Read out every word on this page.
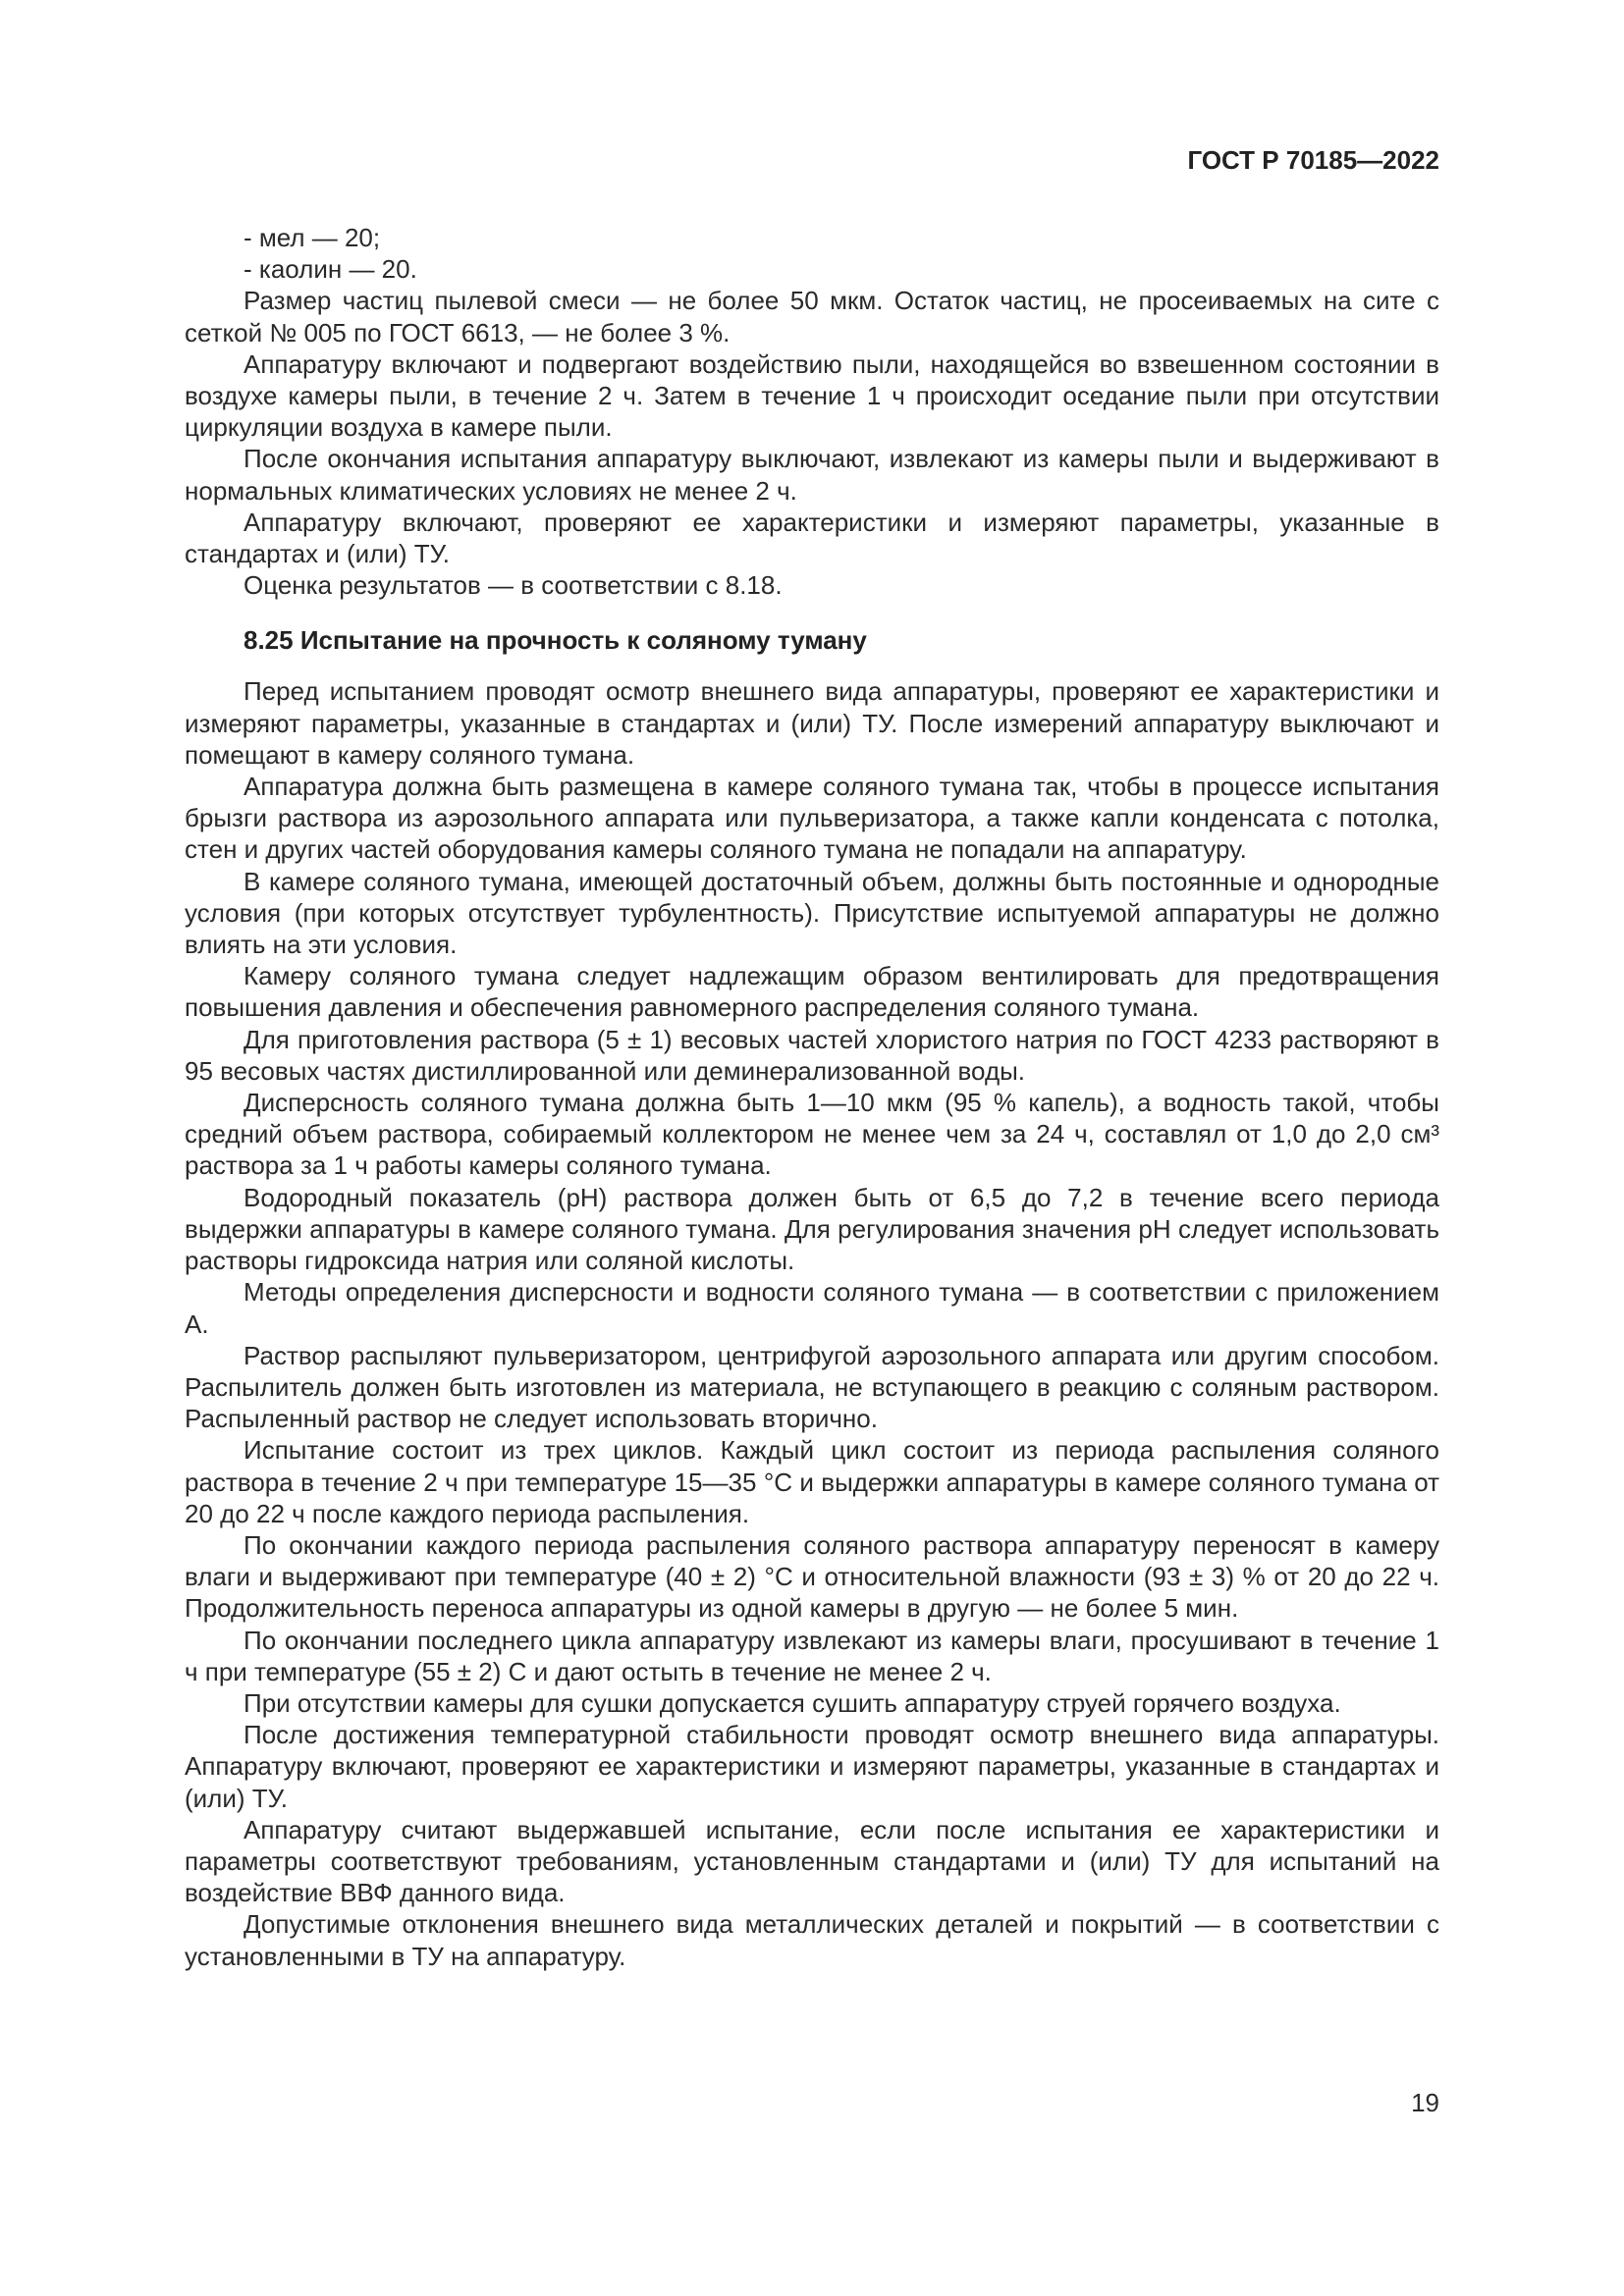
ГОСТ Р 70185—2022

- мел — 20;

- каолин — 20.

Размер частиц пылевой смеси — не более 50 мкм. Остаток частиц, не просеиваемых на сите с сеткой № 005 по ГОСТ 6613, — не более 3 %.

Аппаратуру включают и подвергают воздействию пыли, находящейся во взвешенном состоянии в воздухе камеры пыли, в течение 2 ч. Затем в течение 1 ч происходит оседание пыли при отсутствии циркуляции воздуха в камере пыли.

После окончания испытания аппаратуру выключают, извлекают из камеры пыли и выдерживают в нормальных климатических условиях не менее 2 ч.

Аппаратуру включают, проверяют ее характеристики и измеряют параметры, указанные в стандартах и (или) ТУ.

Оценка результатов — в соответствии с 8.18.

8.25 Испытание на прочность к соляному туману

Перед испытанием проводят осмотр внешнего вида аппаратуры, проверяют ее характеристики и измеряют параметры, указанные в стандартах и (или) ТУ. После измерений аппаратуру выключают и помещают в камеру соляного тумана.

Аппаратура должна быть размещена в камере соляного тумана так, чтобы в процессе испытания брызги раствора из аэрозольного аппарата или пульверизатора, а также капли конденсата с потолка, стен и других частей оборудования камеры соляного тумана не попадали на аппаратуру.

В камере соляного тумана, имеющей достаточный объем, должны быть постоянные и однородные условия (при которых отсутствует турбулентность). Присутствие испытуемой аппаратуры не должно влиять на эти условия.

Камеру соляного тумана следует надлежащим образом вентилировать для предотвращения повышения давления и обеспечения равномерного распределения соляного тумана.

Для приготовления раствора (5 ± 1) весовых частей хлористого натрия по ГОСТ 4233 растворяют в 95 весовых частях дистиллированной или деминерализованной воды.

Дисперсность соляного тумана должна быть 1—10 мкм (95 % капель), а водность такой, чтобы средний объем раствора, собираемый коллектором не менее чем за 24 ч, составлял от 1,0 до 2,0 см³ раствора за 1 ч работы камеры соляного тумана.

Водородный показатель (рН) раствора должен быть от 6,5 до 7,2 в течение всего периода выдержки аппаратуры в камере соляного тумана. Для регулирования значения рН следует использовать растворы гидроксида натрия или соляной кислоты.

Методы определения дисперсности и водности соляного тумана — в соответствии с приложением А.

Раствор распыляют пульверизатором, центрифугой аэрозольного аппарата или другим способом. Распылитель должен быть изготовлен из материала, не вступающего в реакцию с соляным раствором. Распыленный раствор не следует использовать вторично.

Испытание состоит из трех циклов. Каждый цикл состоит из периода распыления соляного раствора в течение 2 ч при температуре 15—35 °С и выдержки аппаратуры в камере соляного тумана от 20 до 22 ч после каждого периода распыления.

По окончании каждого периода распыления соляного раствора аппаратуру переносят в камеру влаги и выдерживают при температуре (40 ± 2) °С и относительной влажности (93 ± 3) % от 20 до 22 ч. Продолжительность переноса аппаратуры из одной камеры в другую — не более 5 мин.

По окончании последнего цикла аппаратуру извлекают из камеры влаги, просушивают в течение 1 ч при температуре (55 ± 2) С и дают остыть в течение не менее 2 ч.

При отсутствии камеры для сушки допускается сушить аппаратуру струей горячего воздуха.

После достижения температурной стабильности проводят осмотр внешнего вида аппаратуры. Аппаратуру включают, проверяют ее характеристики и измеряют параметры, указанные в стандартах и (или) ТУ.

Аппаратуру считают выдержавшей испытание, если после испытания ее характеристики и параметры соответствуют требованиям, установленным стандартами и (или) ТУ для испытаний на воздействие ВВФ данного вида.

Допустимые отклонения внешнего вида металлических деталей и покрытий — в соответствии с установленными в ТУ на аппаратуру.

19
